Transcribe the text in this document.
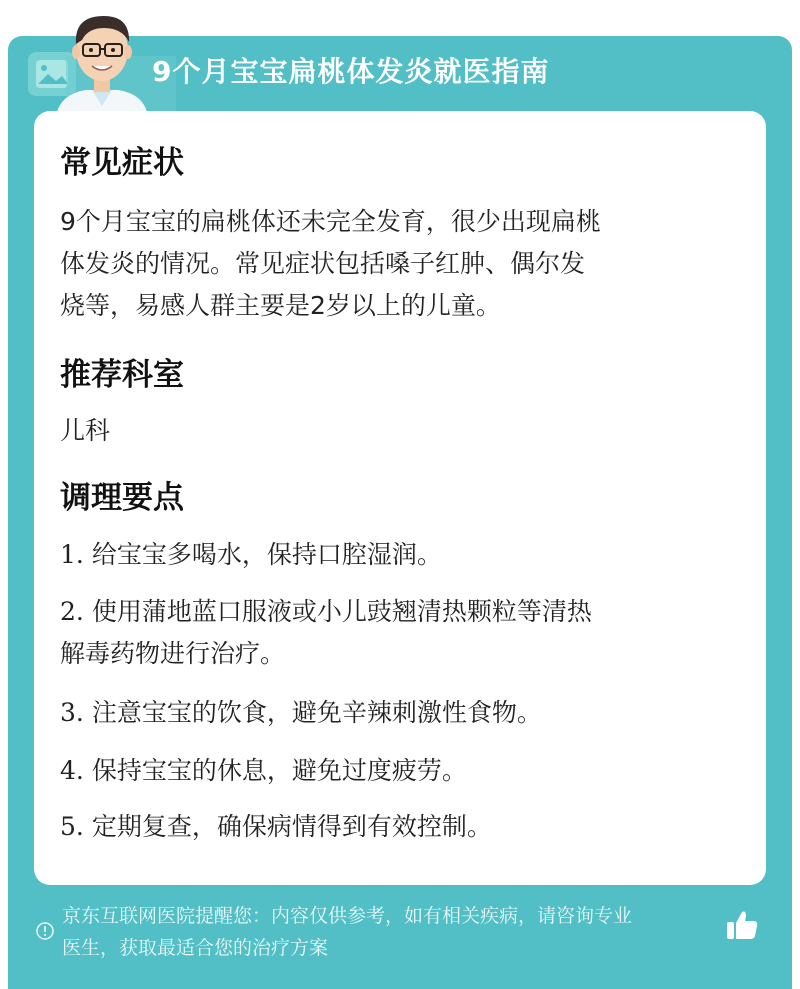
9个月宝宝扁桃体发炎就医指南
常见症状
9个月宝宝的扁桃体还未完全发育，很少出现扁桃
体发炎的情况。常见症状包括嗓子红肿、偶尔发
烧等，易感人群主要是2岁以上的儿童。
推荐科室
儿科
调理要点
1. 给宝宝多喝水，保持口腔湿润。
2. 使用蒲地蓝口服液或小儿豉翘清热颗粒等清热
解毒药物进行治疗。
3. 注意宝宝的饮食，避免辛辣刺激性食物。
4. 保持宝宝的休息，避免过度疲劳。
5. 定期复查，确保病情得到有效控制。
京东互联网医院提醒您：内容仅供参考，如有相关疾病，请咨询专业
医生，获取最适合您的治疗方案
